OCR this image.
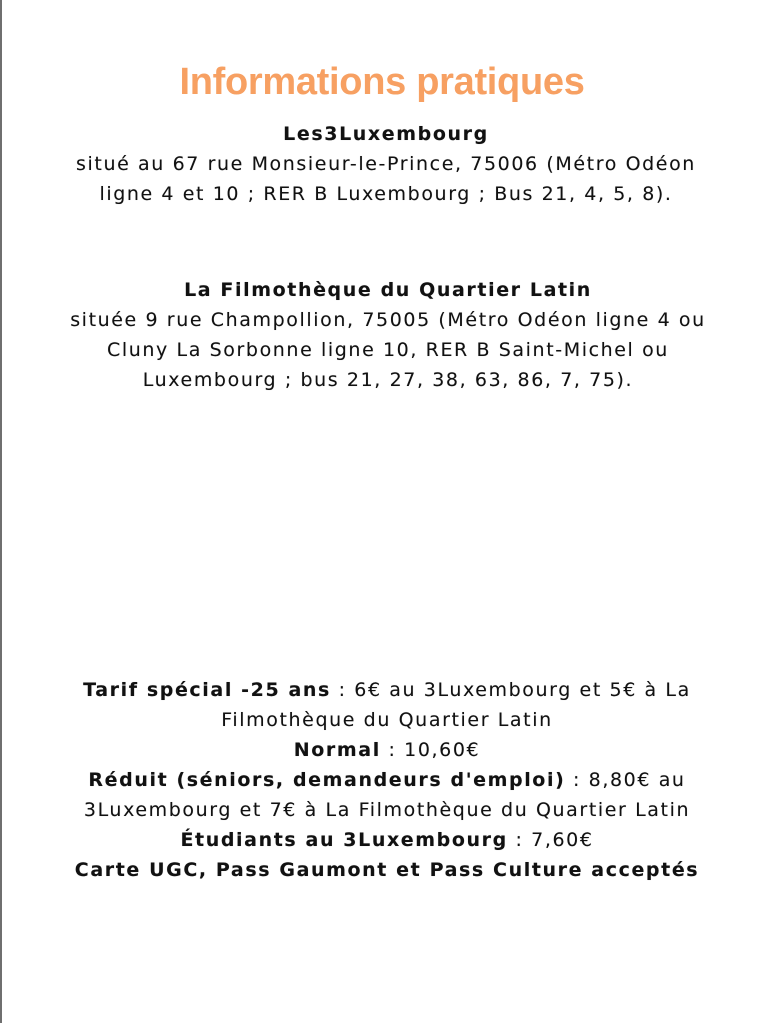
Informations pratiques
Les3Luxembourg
situé au 67 rue Monsieur-le-Prince, 75006 (Métro Odéon ligne 4 et 10 ; RER B Luxembourg ; Bus 21, 4, 5, 8).
La Filmothèque du Quartier Latin
située 9 rue Champollion, 75005 (Métro Odéon ligne 4 ou Cluny La Sorbonne ligne 10, RER B Saint-Michel ou Luxembourg ; bus 21, 27, 38, 63, 86, 7, 75).
Tarif spécial -25 ans : 6€ au 3Luxembourg et 5€ à La Filmothèque du Quartier Latin
Normal : 10,60€
Réduit (séniors, demandeurs d'emploi) : 8,80€ au 3Luxembourg et 7€ à La Filmothèque du Quartier Latin
Étudiants au 3Luxembourg : 7,60€
Carte UGC, Pass Gaumont et Pass Culture acceptés
